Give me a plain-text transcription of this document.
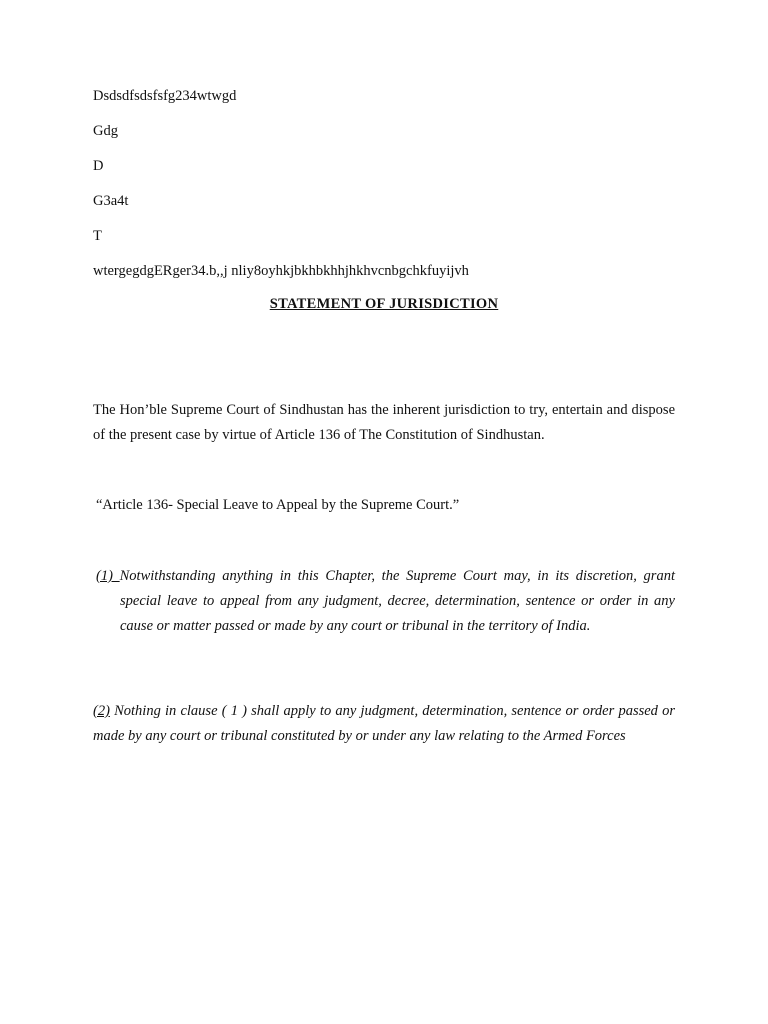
Dsdsdfsdsfsfg234wtwgd
Gdg
D
G3a4t
T
wtergegdgERger34.b,,j nliy8oyhkjbkhbkhhjhkhvcnbgchkfuyijvh
STATEMENT OF JURISDICTION
The Hon’ble Supreme Court of Sindhustan has the inherent jurisdiction to try, entertain and dispose of the present case by virtue of Article 136 of The Constitution of Sindhustan.
“Article 136- Special Leave to Appeal by the Supreme Court.”
(1) Notwithstanding anything in this Chapter, the Supreme Court may, in its discretion, grant special leave to appeal from any judgment, decree, determination, sentence or order in any cause or matter passed or made by any court or tribunal in the territory of India.
(2) Nothing in clause ( 1 ) shall apply to any judgment, determination, sentence or order passed or made by any court or tribunal constituted by or under any law relating to the Armed Forces
